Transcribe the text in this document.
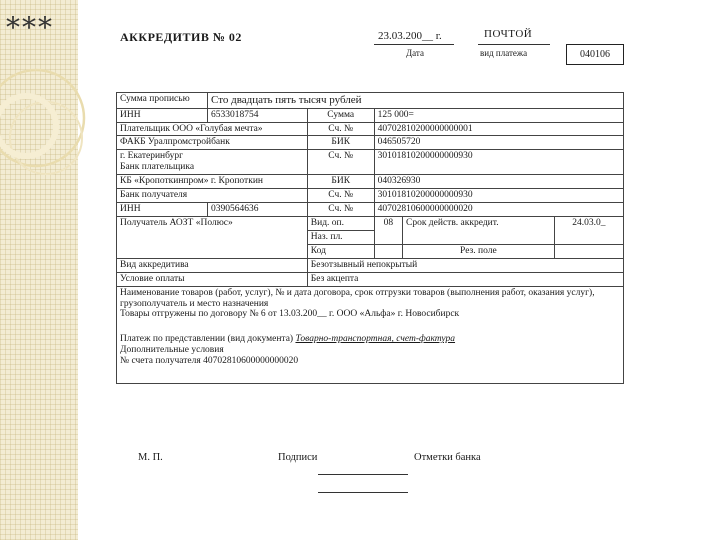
***	АККРЕДИТИВ № 02	23.03.200__ г.
Дата
ПОЧТОЙ
вид платежа	040106
Сумма прописью	Сто двадцать пять тысяч рублей				
ИНН	6533018754	Сумма	125 000=		
Плательщик ООО «Голубая мечта»		Сч. №	40702810200000000001		
ФАКБ Уралпромстройбанк		БИК	046505720		
г. Екатеринбург
Банк плательщика		Сч. №	30101810200000000930		
КБ «Кропоткинпром» г. Кропоткин		БИК	040326930		
Банк получателя		Сч. №	30101810200000000930		
ИНН	0390564636	Сч. №	40702810600000000020		
Получатель АОЗТ «Полюс»		Вид. оп.	08	Срок действ. аккредит.	24.03.0_
		Наз. пл.			
		Код		Рез. поле	
Вид аккредитива		Безотзывный непокрытый			
Условие оплаты		Без акцепта			

Наименование товаров (работ, услуг), № и дата договора, срок отгрузки товаров (выполнения работ, оказания услуг), грузополучатель и место назначения
Товары отгружены по договору № 6 от 13.03.200__ г. ООО «Альфа» г. Новосибирск
Платеж по представлении (вид документа) Товарно-транспортная, счет-фактура
Дополнительные условия
№ счета получателя 40702810600000000020					
М. П.	Подписи	Отметки банка
